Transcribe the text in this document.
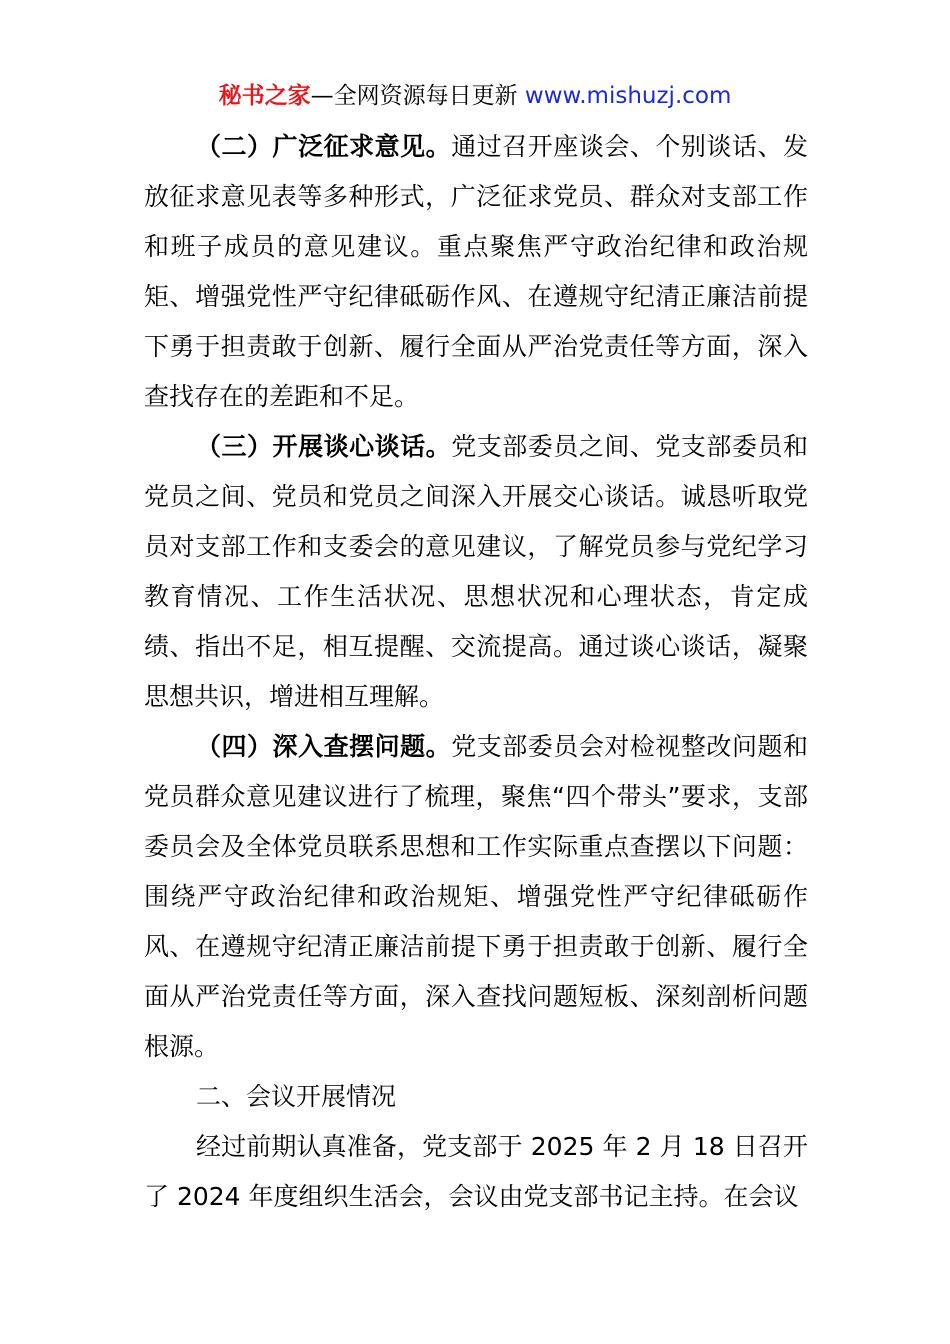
秘书之家—全网资源每日更新 www.mishuzj.com

（二）广泛征求意见。通过召开座谈会、个别谈话、发放征求意见表等多种形式，广泛征求党员、群众对支部工作和班子成员的意见建议。重点聚焦严守政治纪律和政治规矩、增强党性严守纪律砥砺作风、在遵规守纪清正廉洁前提下勇于担责敢于创新、履行全面从严治党责任等方面，深入查找存在的差距和不足。

（三）开展谈心谈话。党支部委员之间、党支部委员和党员之间、党员和党员之间深入开展交心谈话。诚恳听取党员对支部工作和支委会的意见建议，了解党员参与党纪学习教育情况、工作生活状况、思想状况和心理状态，肯定成绩、指出不足，相互提醒、交流提高。通过谈心谈话，凝聚思想共识，增进相互理解。

（四）深入查摆问题。党支部委员会对检视整改问题和党员群众意见建议进行了梳理，聚焦“四个带头”要求，支部委员会及全体党员联系思想和工作实际重点查摆以下问题：围绕严守政治纪律和政治规矩、增强党性严守纪律砥砺作风、在遵规守纪清正廉洁前提下勇于担责敢于创新、履行全面从严治党责任等方面，深入查找问题短板、深刻剖析问题根源。

二、会议开展情况

经过前期认真准备，党支部于 2025 年 2 月 18 日召开了 2024 年度组织生活会，会议由党支部书记主持。在会议
